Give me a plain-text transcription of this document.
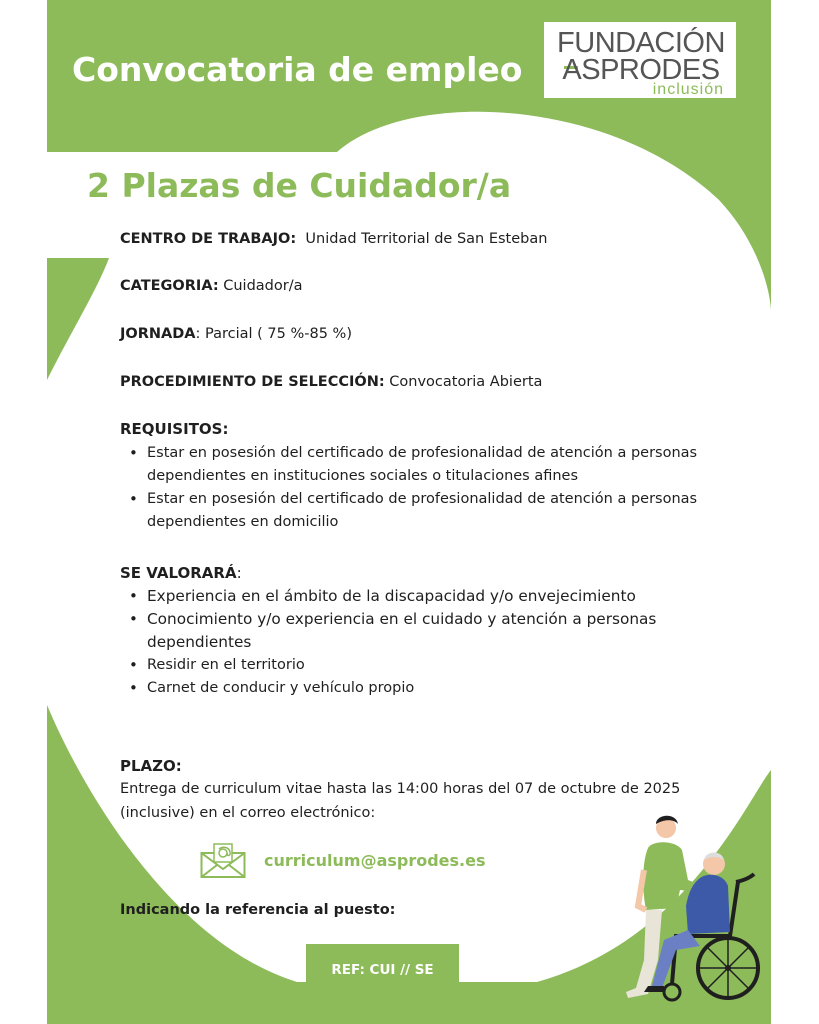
Convocatoria de empleo
FUNDACIÓN
ASPRODES
inclusión
2 Plazas de Cuidador/a
CENTRO DE TRABAJO: Unidad Territorial de San Esteban
CATEGORIA: Cuidador/a
JORNADA: Parcial ( 75 %-85 %)
PROCEDIMIENTO DE SELECCIÓN: Convocatoria Abierta
REQUISITOS:
• Estar en posesión del certificado de profesionalidad de atención a personas dependientes en instituciones sociales o titulaciones afines
• Estar en posesión del certificado de profesionalidad de atención a personas dependientes en domicilio
SE VALORARÁ:
• Experiencia en el ámbito de la discapacidad y/o envejecimiento
• Conocimiento y/o experiencia en el cuidado y atención a personas dependientes
• Residir en el territorio
• Carnet de conducir y vehículo propio
PLAZO:
Entrega de curriculum vitae hasta las 14:00 horas del 07 de octubre de 2025 (inclusive) en el correo electrónico:
curriculum@asprodes.es
Indicando la referencia al puesto:
REF: CUI // SE
